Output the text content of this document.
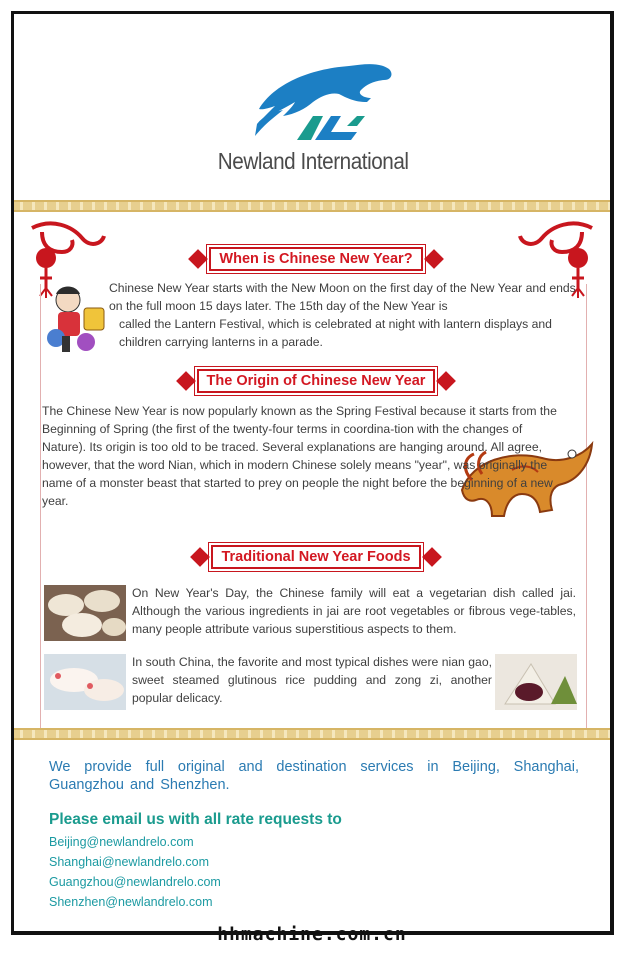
Newland International
When is Chinese New Year?
Chinese New Year starts with the New Moon on the first day of the New Year and ends on the full moon 15 days later. The 15th day of the New Year is
called the Lantern Festival, which is celebrated at night with lantern displays and children carrying lanterns in a parade.
The Origin of Chinese New Year
The Chinese New Year is now popularly known as the Spring Festival because it starts from the Beginning of Spring (the first of the twenty-four terms in coordina-tion with the changes of Nature). Its origin is too old to be traced. Several explanations are hanging around. All agree, however, that the word Nian, which in modern Chinese solely means "year", was originally the name of a monster beast that started to prey on people the night before the beginning of a new year.
Traditional New Year Foods
On New Year's Day, the Chinese family will eat a vegetarian dish called jai. Although the various ingredients in jai are root vegetables or fibrous vege-tables, many people attribute various superstitious aspects to them.
In south China, the favorite and most typical dishes were nian gao, sweet steamed glutinous rice pudding and zong zi, another popular delicacy.
We provide full original and destination services in Beijing, Shanghai, Guangzhou and Shenzhen.
Please email us with all rate requests to
Beijing@newlandrelo.com
Shanghai@newlandrelo.com
Guangzhou@newlandrelo.com
Shenzhen@newlandrelo.com
hhmachine.com.cn
